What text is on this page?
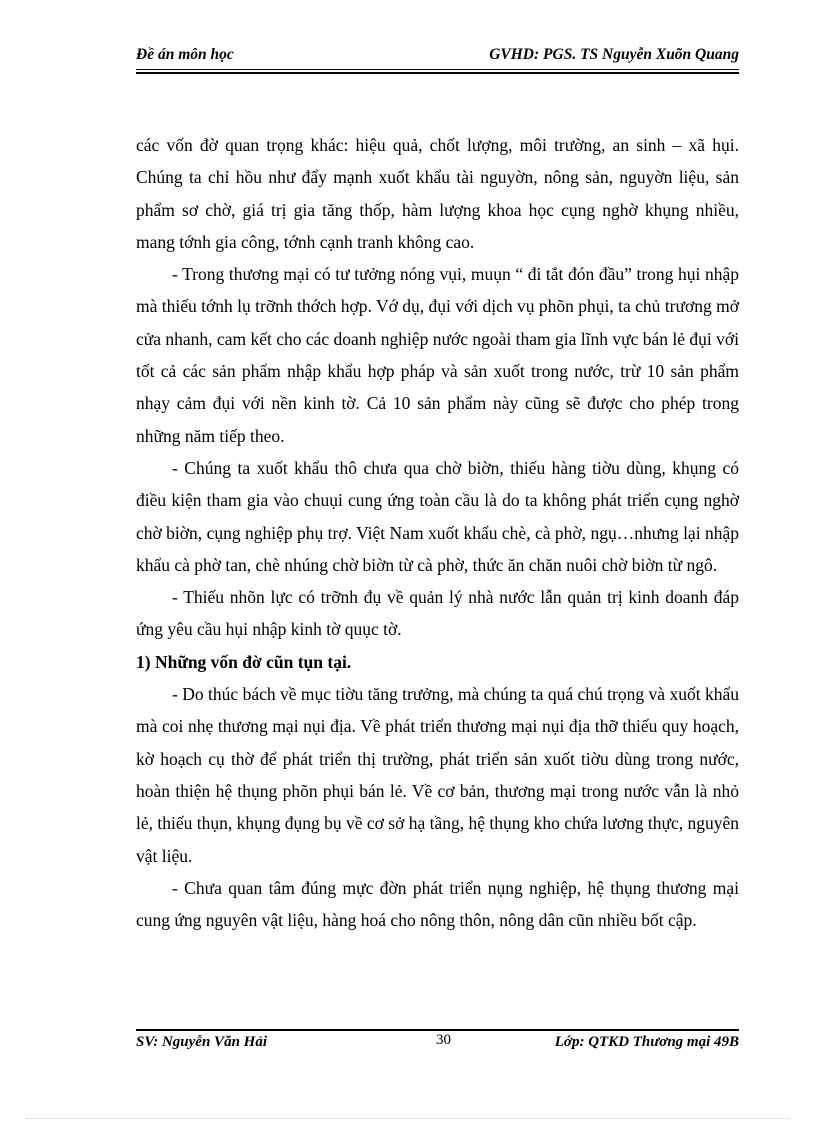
Đề án môn học	GVHD: PGS. TS Nguyễn Xuõn Quang

các vốn đờ quan trọng khác: hiệu quả, chốt lượng, môi trường, an sinh – xã hụi. Chúng ta chỉ hồu như đẩy mạnh xuốt khẩu tài nguyờn, nông sản, nguyờn liệu, sản phẩm sơ chờ, giá trị gia tăng thốp, hàm lượng khoa học cụng nghờ khụng nhiều, mang tớnh gia công, tớnh cạnh tranh không cao.

- Trong thương mại có tư tưởng nóng vụi, muụn “ đi tắt đón đầu” trong hụi nhập mà thiếu tớnh lụ trỡnh thớch hợp. Vớ dụ, đụi với dịch vụ phõn phụi, ta chủ trương mở cửa nhanh, cam kết cho các doanh nghiệp nước ngoài tham gia lĩnh vực bán lẻ đụi với tốt cả các sản phẩm nhập khẩu hợp pháp và sản xuốt trong nước, trừ 10 sản phẩm nhạy cảm đụi với nền kinh tờ. Cả 10 sản phẩm này cũng sẽ được cho phép trong những năm tiếp theo.

- Chúng ta xuốt khẩu thô chưa qua chờ biờn, thiếu hàng tiờu dùng, khụng có điều kiện tham gia vào chuụi cung ứng toàn cầu là do ta không phát triển cụng nghờ chờ biờn, cụng nghiệp phụ trợ. Việt Nam xuốt khẩu chè, cà phờ, ngụ…nhưng lại nhập khẩu cà phờ tan, chè nhúng chờ biờn từ cà phờ, thức ăn chăn nuôi chờ biờn từ ngô.

- Thiếu nhõn lực có trỡnh đụ về quản lý nhà nước lẫn quản trị kinh doanh đáp ứng yêu cầu hụi nhập kinh tờ quục tờ.

1) Những vốn đờ cũn tụn tại.

- Do thúc bách về mục tiờu tăng trưởng, mà chúng ta quá chú trọng và xuốt khẩu mà coi nhẹ thương mại nụi địa. Về phát triển thương mại nụi địa thỡ thiếu quy hoạch, kờ hoạch cụ thờ để phát triển thị trường, phát triển sản xuốt tiờu dùng trong nước, hoàn thiện hệ thụng phõn phụi bán lẻ. Về cơ bản, thương mại trong nước vẫn là nhỏ lẻ, thiếu thụn, khụng đụng bụ về cơ sở hạ tầng, hệ thụng kho chứa lương thực, nguyên vật liệu.

- Chưa quan tâm đúng mực đờn phát triển nụng nghiệp, hệ thụng thương mại cung ứng nguyên vật liệu, hàng hoá cho nông thôn, nông dân cũn nhiều bốt cập.

SV: Nguyễn Văn Hải	30	Lớp: QTKD Thương mại 49B
